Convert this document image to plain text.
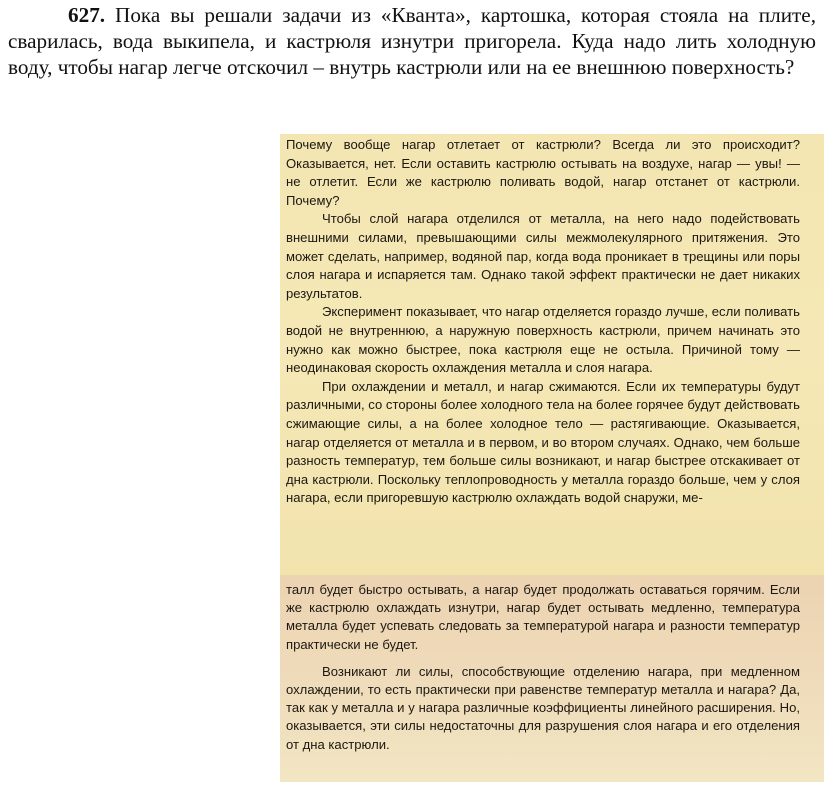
627. Пока вы решали задачи из «Кванта», картошка, которая стояла на плите, сварилась, вода выкипела, и кастрюля изнутри пригорела. Куда надо лить холодную воду, чтобы нагар легче отскочил – внутрь кастрюли или на ее внешнюю поверхность?

Почему вообще нагар отлетает от кастрюли? Всегда ли это происходит? Оказывается, нет. Если оставить кастрюлю остывать на воздухе, нагар — увы! — не отлетит. Если же кастрюлю поливать водой, нагар отстанет от кастрюли. Почему?

Чтобы слой нагара отделился от металла, на него надо подействовать внешними силами, превышающими силы межмолекулярного притяжения. Это может сделать, например, водяной пар, когда вода проникает в трещины или поры слоя нагара и испаряется там. Однако такой эффект практически не дает никаких результатов.

Эксперимент показывает, что нагар отделяется гораздо лучше, если поливать водой не внутреннюю, а наружную поверхность кастрюли, причем начинать это нужно как можно быстрее, пока кастрюля еще не остыла. Причиной тому — неодинаковая скорость охлаждения металла и слоя нагара.

При охлаждении и металл, и нагар сжимаются. Если их температуры будут различными, со стороны более холодного тела на более горячее будут действовать сжимающие силы, а на более холодное тело — растягивающие. Оказывается, нагар отделяется от металла и в первом, и во втором случаях. Однако, чем больше разность температур, тем больше силы возникают, и нагар быстрее отскакивает от дна кастрюли. Поскольку теплопроводность у металла гораздо больше, чем у слоя нагара, если пригоревшую кастрюлю охлаждать водой снаружи, ме-

талл будет быстро остывать, а нагар будет продолжать оставаться горячим. Если же кастрюлю охлаждать изнутри, нагар будет остывать медленно, температура металла будет успевать следовать за температурой нагара и разности температур практически не будет.

Возникают ли силы, способствующие отделению нагара, при медленном охлаждении, то есть практически при равенстве температур металла и нагара? Да, так как у металла и у нагара различные коэффициенты линейного расширения. Но, оказывается, эти силы недостаточны для разрушения слоя нагара и его отделения от дна кастрюли.
